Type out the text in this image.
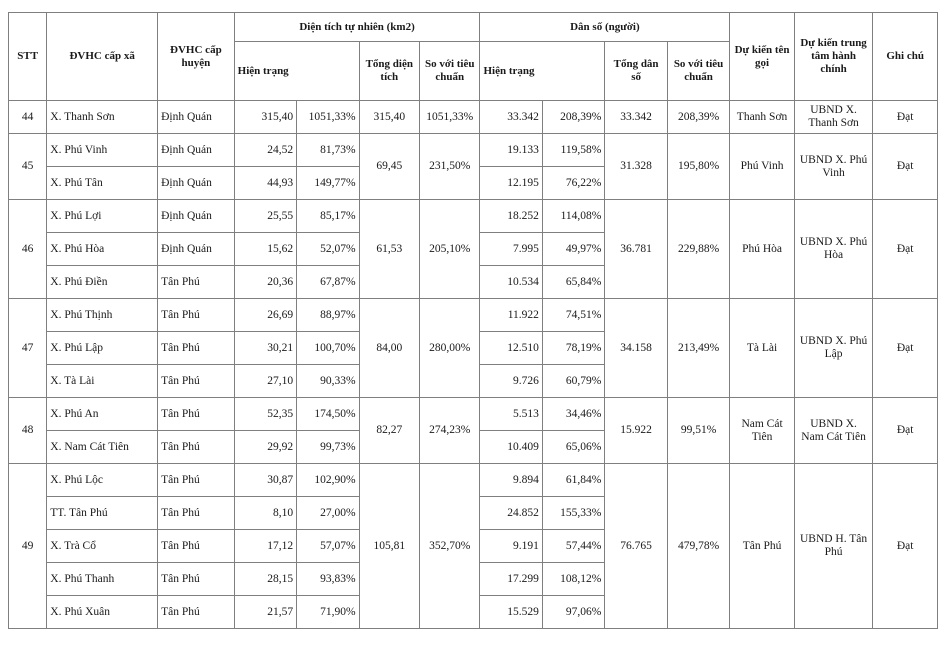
STT	ĐVHC cấp xã	ĐVHC cấp huyện	Diện tích tự nhiên (km2)				Dân số (người)				Dự kiến tên gọi	Dự kiến trung tâm hành chính	Ghi chú
			Hiện trạng		Tổng diện tích	So với tiêu chuẩn	Hiện trạng		Tổng dân số	So với tiêu chuẩn			
44	X. Thanh Sơn	Định Quán	315,40	1051,33%	315,40	1051,33%	33.342	208,39%	33.342	208,39%	Thanh Sơn	UBND X. Thanh Sơn	Đạt
45	X. Phú Vinh	Định Quán	24,52	81,73%	69,45	231,50%	19.133	119,58%	31.328	195,80%	Phú Vinh	UBND X. Phú Vinh	Đạt
	X. Phú Tân	Định Quán	44,93	149,77%			12.195	76,22%					
46	X. Phú Lợi	Định Quán	25,55	85,17%	61,53	205,10%	18.252	114,08%	36.781	229,88%	Phú Hòa	UBND X. Phú Hòa	Đạt
	X. Phú Hòa	Định Quán	15,62	52,07%			7.995	49,97%					
	X. Phú Điền	Tân Phú	20,36	67,87%			10.534	65,84%					
47	X. Phú Thịnh	Tân Phú	26,69	88,97%	84,00	280,00%	11.922	74,51%	34.158	213,49%	Tà Lài	UBND X. Phú Lập	Đạt
	X. Phú Lập	Tân Phú	30,21	100,70%			12.510	78,19%					
	X. Tà Lài	Tân Phú	27,10	90,33%			9.726	60,79%					
48	X. Phú An	Tân Phú	52,35	174,50%	82,27	274,23%	5.513	34,46%	15.922	99,51%	Nam Cát Tiên	UBND X. Nam Cát Tiên	Đạt
	X. Nam Cát Tiên	Tân Phú	29,92	99,73%			10.409	65,06%					
49	X. Phú Lộc	Tân Phú	30,87	102,90%	105,81	352,70%	9.894	61,84%	76.765	479,78%	Tân Phú	UBND H. Tân Phú	Đạt
	TT. Tân Phú	Tân Phú	8,10	27,00%			24.852	155,33%					
	X. Trà Cổ	Tân Phú	17,12	57,07%			9.191	57,44%					
	X. Phú Thanh	Tân Phú	28,15	93,83%			17.299	108,12%					
	X. Phú Xuân	Tân Phú	21,57	71,90%			15.529	97,06%					
